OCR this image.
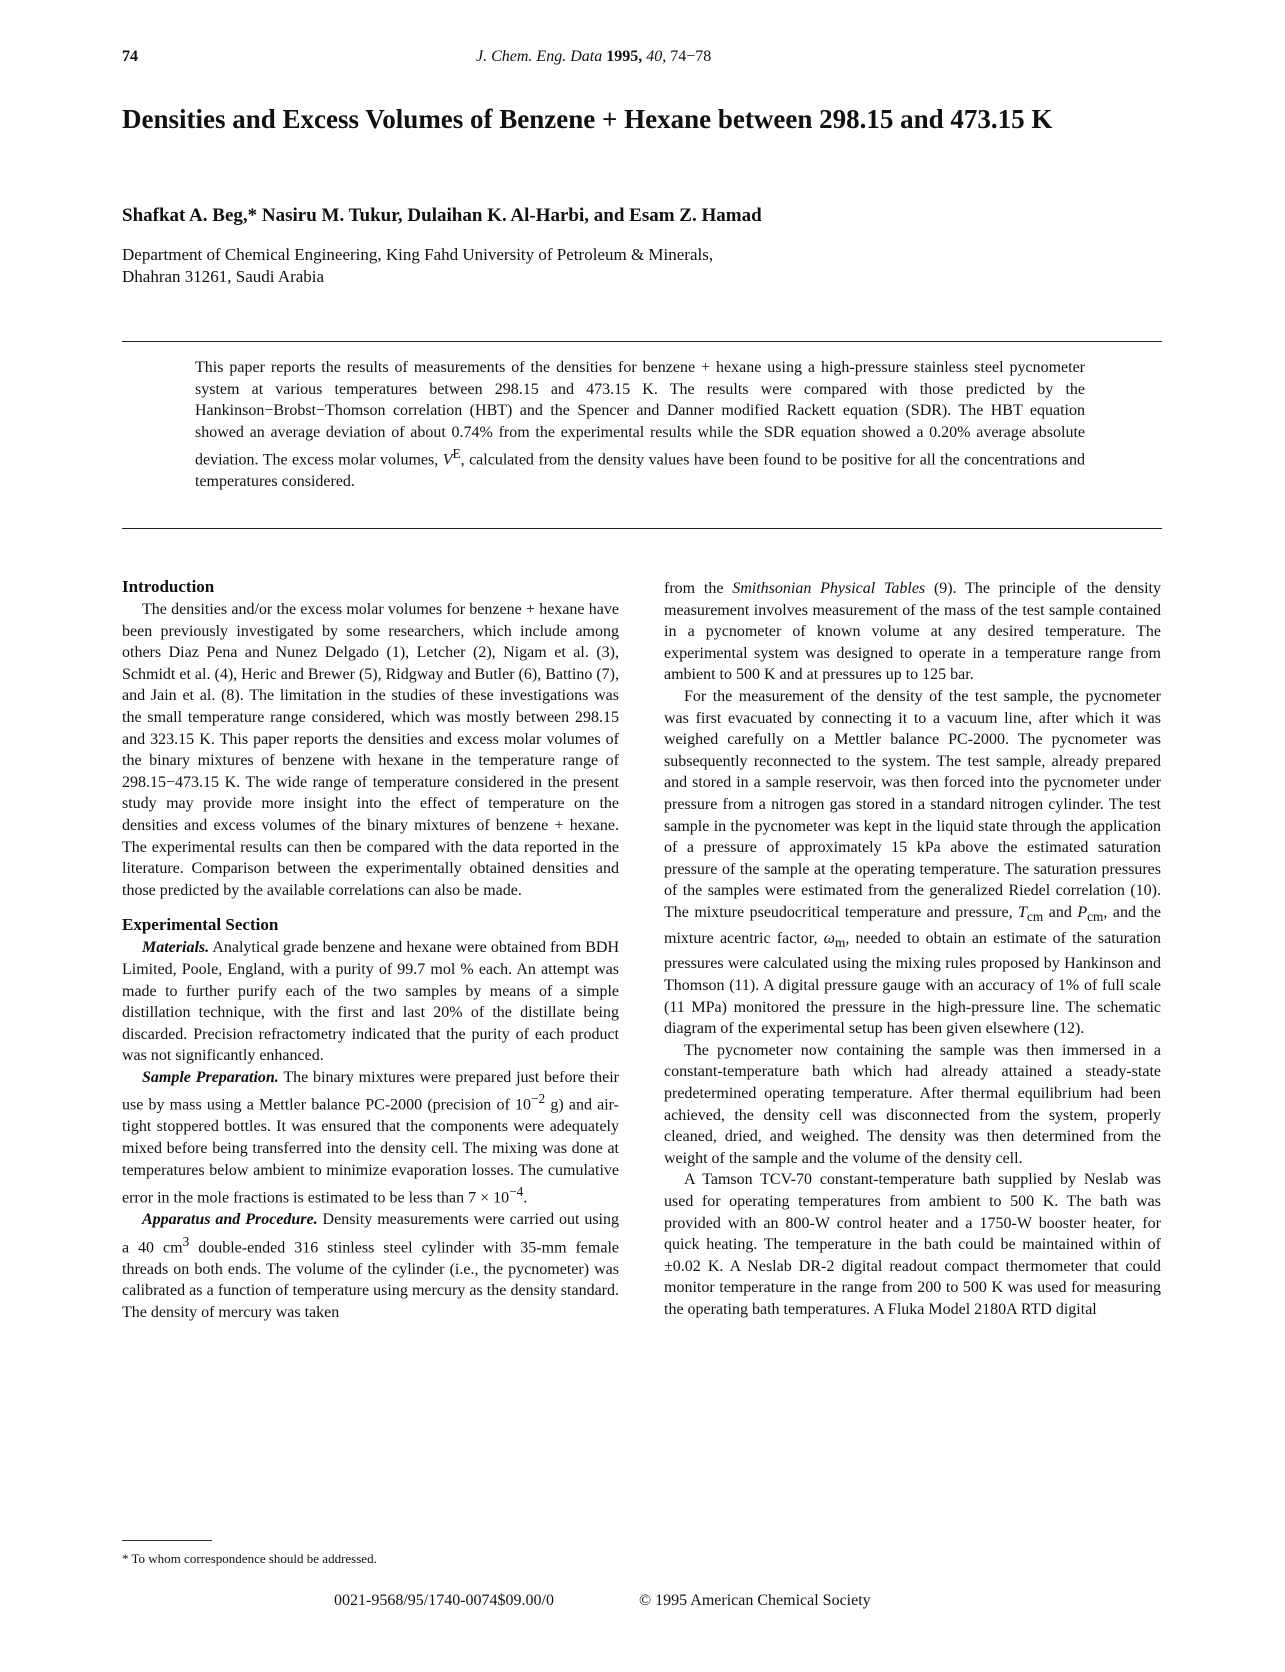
74	J. Chem. Eng. Data 1995, 40, 74−78
Densities and Excess Volumes of Benzene + Hexane between 298.15 and 473.15 K

Shafkat A. Beg,* Nasiru M. Tukur, Dulaihan K. Al-Harbi, and Esam Z. Hamad

Department of Chemical Engineering, King Fahd University of Petroleum & Minerals,
Dhahran 31261, Saudi Arabia

This paper reports the results of measurements of the densities for benzene + hexane using a high-pressure stainless steel pycnometer system at various temperatures between 298.15 and 473.15 K. The results were compared with those predicted by the Hankinson−Brobst−Thomson correlation (HBT) and the Spencer and Danner modified Rackett equation (SDR). The HBT equation showed an average deviation of about 0.74% from the experimental results while the SDR equation showed a 0.20% average absolute deviation. The excess molar volumes, $V^E$, calculated from the density values have been found to be positive for all the concentrations and temperatures considered.

Introduction

The densities and/or the excess molar volumes for benzene + hexane have been previously investigated by some researchers, which include among others Diaz Pena and Nunez Delgado (1), Letcher (2), Nigam et al. (3), Schmidt et al. (4), Heric and Brewer (5), Ridgway and Butler (6), Battino (7), and Jain et al. (8). The limitation in the studies of these investigations was the small temperature range considered, which was mostly between 298.15 and 323.15 K. This paper reports the densities and excess molar volumes of the binary mixtures of benzene with hexane in the temperature range of 298.15−473.15 K. The wide range of temperature considered in the present study may provide more insight into the effect of temperature on the densities and excess volumes of the binary mixtures of benzene + hexane. The experimental results can then be compared with the data reported in the literature. Comparison between the experimentally obtained densities and those predicted by the available correlations can also be made.

Experimental Section

Materials. Analytical grade benzene and hexane were obtained from BDH Limited, Poole, England, with a purity of 99.7 mol % each. An attempt was made to further purify each of the two samples by means of a simple distillation technique, with the first and last 20% of the distillate being discarded. Precision refractometry indicated that the purity of each product was not significantly enhanced.

Sample Preparation. The binary mixtures were prepared just before their use by mass using a Mettler balance PC-2000 (precision of $10^{-2}$ g) and air-tight stoppered bottles. It was ensured that the components were adequately mixed before being transferred into the density cell. The mixing was done at temperatures below ambient to minimize evaporation losses. The cumulative error in the mole fractions is estimated to be less than $7 \times 10^{-4}$.

Apparatus and Procedure. Density measurements were carried out using a 40 $cm^3$ double-ended 316 stinless steel cylinder with 35-mm female threads on both ends. The volume of the cylinder (i.e., the pycnometer) was calibrated as a function of temperature using mercury as the density standard. The density of mercury was taken

from the Smithsonian Physical Tables (9). The principle of the density measurement involves measurement of the mass of the test sample contained in a pycnometer of known volume at any desired temperature. The experimental system was designed to operate in a temperature range from ambient to 500 K and at pressures up to 125 bar.

For the measurement of the density of the test sample, the pycnometer was first evacuated by connecting it to a vacuum line, after which it was weighed carefully on a Mettler balance PC-2000. The pycnometer was subsequently reconnected to the system. The test sample, already prepared and stored in a sample reservoir, was then forced into the pycnometer under pressure from a nitrogen gas stored in a standard nitrogen cylinder. The test sample in the pycnometer was kept in the liquid state through the application of a pressure of approximately 15 kPa above the estimated saturation pressure of the sample at the operating temperature. The saturation pressures of the samples were estimated from the generalized Riedel correlation (10). The mixture pseudocritical temperature and pressure, $T_{cm}$ and $P_{cm}$, and the mixture acentric factor, $\omega_m$, needed to obtain an estimate of the saturation pressures were calculated using the mixing rules proposed by Hankinson and Thomson (11). A digital pressure gauge with an accuracy of 1% of full scale (11 MPa) monitored the pressure in the high-pressure line. The schematic diagram of the experimental setup has been given elsewhere (12).

The pycnometer now containing the sample was then immersed in a constant-temperature bath which had already attained a steady-state predetermined operating temperature. After thermal equilibrium had been achieved, the density cell was disconnected from the system, properly cleaned, dried, and weighed. The density was then determined from the weight of the sample and the volume of the density cell.

A Tamson TCV-70 constant-temperature bath supplied by Neslab was used for operating temperatures from ambient to 500 K. The bath was provided with an 800-W control heater and a 1750-W booster heater, for quick heating. The temperature in the bath could be maintained within of ±0.02 K. A Neslab DR-2 digital readout compact thermometer that could monitor temperature in the range from 200 to 500 K was used for measuring the operating bath temperatures. A Fluka Model 2180A RTD digital

* To whom correspondence should be addressed.

0021-9568/95/1740-0074$09.00/0	© 1995 American Chemical Society
